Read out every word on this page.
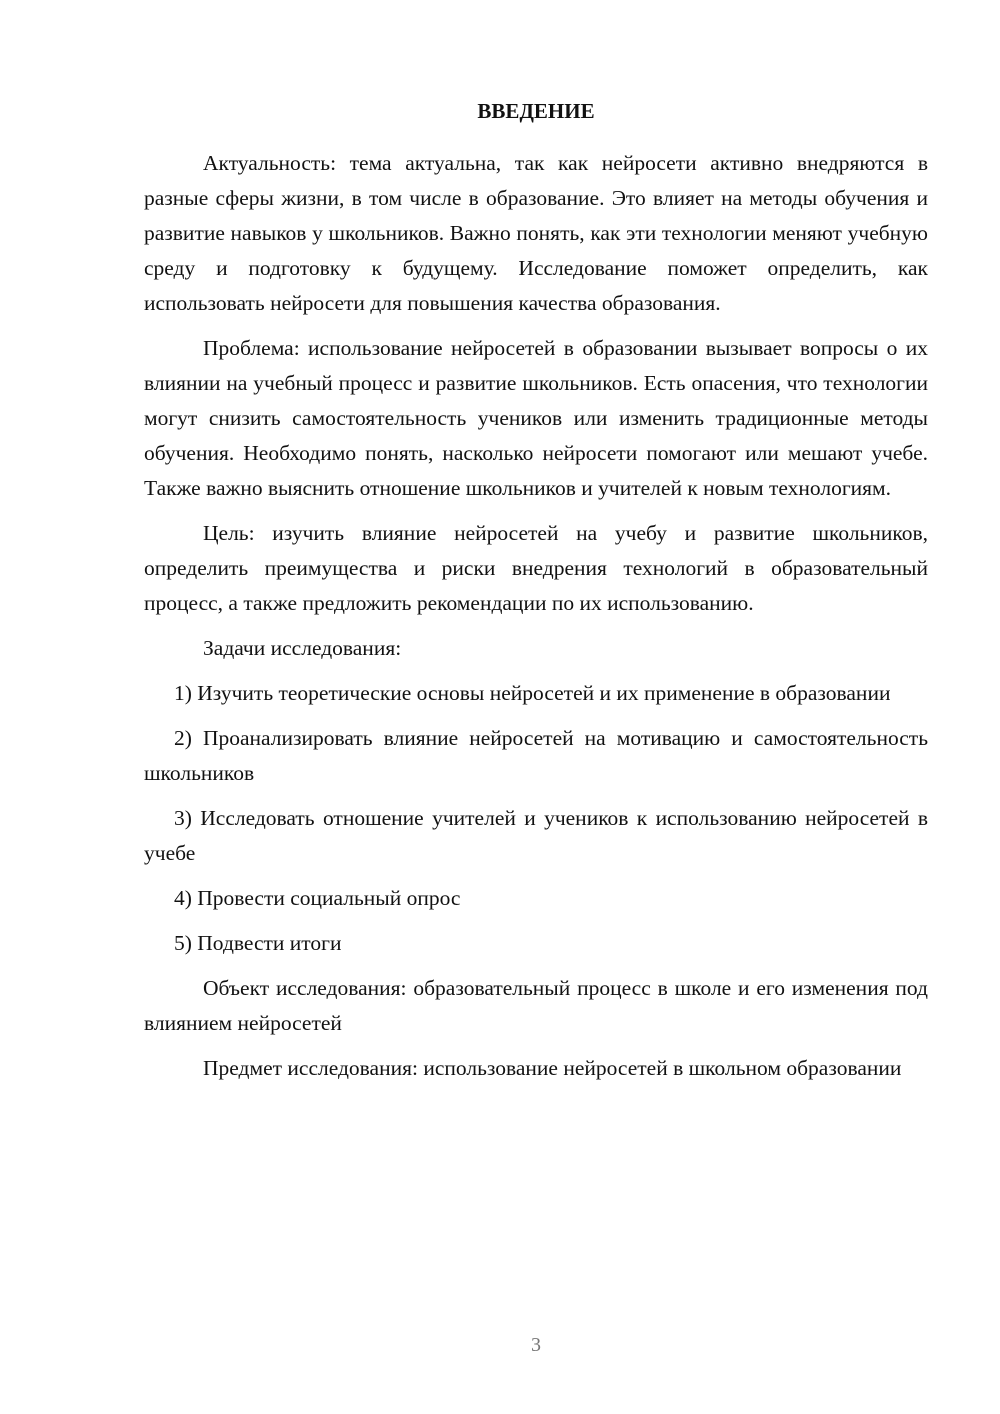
ВВЕДЕНИЕ

Актуальность: тема актуальна, так как нейросети активно внедряются в разные сферы жизни, в том числе в образование. Это влияет на методы обучения и развитие навыков у школьников. Важно понять, как эти технологии меняют учебную среду и подготовку к будущему. Исследование поможет определить, как использовать нейросети для повышения качества образования.

Проблема: использование нейросетей в образовании вызывает вопросы о их влиянии на учебный процесс и развитие школьников. Есть опасения, что технологии могут снизить самостоятельность учеников или изменить традиционные методы обучения. Необходимо понять, насколько нейросети помогают или мешают учебе. Также важно выяснить отношение школьников и учителей к новым технологиям.

Цель: изучить влияние нейросетей на учебу и развитие школьников, определить преимущества и риски внедрения технологий в образовательный процесс, а также предложить рекомендации по их использованию.

Задачи исследования:

1) Изучить теоретические основы нейросетей и их применение в образовании

2) Проанализировать влияние нейросетей на мотивацию и самостоятельность школьников

3) Исследовать отношение учителей и учеников к использованию нейросетей в учебе

4) Провести социальный опрос

5) Подвести итоги

Объект исследования: образовательный процесс в школе и его изменения под влиянием нейросетей

Предмет исследования: использование нейросетей в школьном образовании

3
